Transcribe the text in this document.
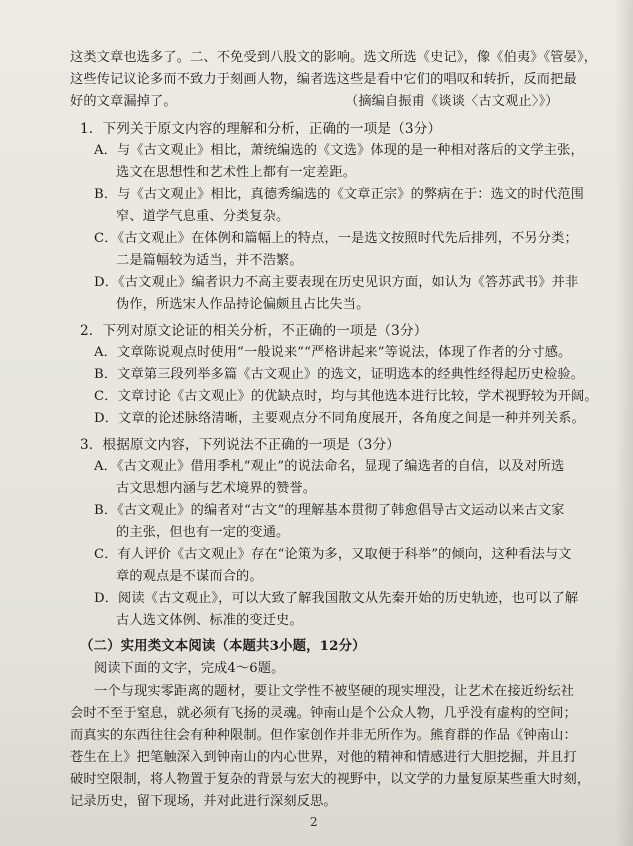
这类文章也选多了。二、不免受到八股文的影响。选文所选《史记》，像《伯夷》《管晏》，
这些传记议论多而不致力于刻画人物，编者选这些是看中它们的唱叹和转折，反而把最
好的文章漏掉了。	（摘编自振甫《谈谈〈古文观止〉》）
1．下列关于原文内容的理解和分析，正确的一项是（3分）
A．与《古文观止》相比，萧统编选的《文选》体现的是一种相对落后的文学主张，
选文在思想性和艺术性上都有一定差距。
B．与《古文观止》相比，真德秀编选的《文章正宗》的弊病在于：选文的时代范围
窄、道学气息重、分类复杂。
C．《古文观止》在体例和篇幅上的特点，一是选文按照时代先后排列，不另分类；
二是篇幅较为适当，并不浩繁。
D．《古文观止》编者识力不高主要表现在历史见识方面，如认为《答苏武书》并非
伪作，所选宋人作品持论偏颇且占比失当。
2．下列对原文论证的相关分析，不正确的一项是（3分）
A．文章陈说观点时使用“一般说来”“严格讲起来”等说法，体现了作者的分寸感。
B．文章第三段列举多篇《古文观止》的选文，证明选本的经典性经得起历史检验。
C．文章讨论《古文观止》的优缺点时，均与其他选本进行比较，学术视野较为开阔。
D．文章的论述脉络清晰，主要观点分不同角度展开，各角度之间是一种并列关系。
3．根据原文内容，下列说法不正确的一项是（3分）
A．《古文观止》借用季札“观止”的说法命名，显现了编选者的自信，以及对所选
古文思想内涵与艺术境界的赞誉。
B．《古文观止》的编者对“古文”的理解基本贯彻了韩愈倡导古文运动以来古文家
的主张，但也有一定的变通。
C．有人评价《古文观止》存在“论策为多，又取便于科举”的倾向，这种看法与文
章的观点是不谋而合的。
D．阅读《古文观止》，可以大致了解我国散文从先秦开始的历史轨迹，也可以了解
古人选文体例、标准的变迁史。
（二）实用类文本阅读（本题共3小题，12分）
阅读下面的文字，完成4～6题。
一个与现实零距离的题材，要让文学性不被坚硬的现实埋没，让艺术在接近纷纭社
会时不至于窒息，就必须有飞扬的灵魂。钟南山是个公众人物，几乎没有虚构的空间；
而真实的东西往往会有种种限制。但作家创作并非无所作为。熊育群的作品《钟南山：
苍生在上》把笔触深入到钟南山的内心世界，对他的精神和情感进行大胆挖掘，并且打
破时空限制，将人物置于复杂的背景与宏大的视野中，以文学的力量复原某些重大时刻，
记录历史，留下现场，并对此进行深刻反思。
2
